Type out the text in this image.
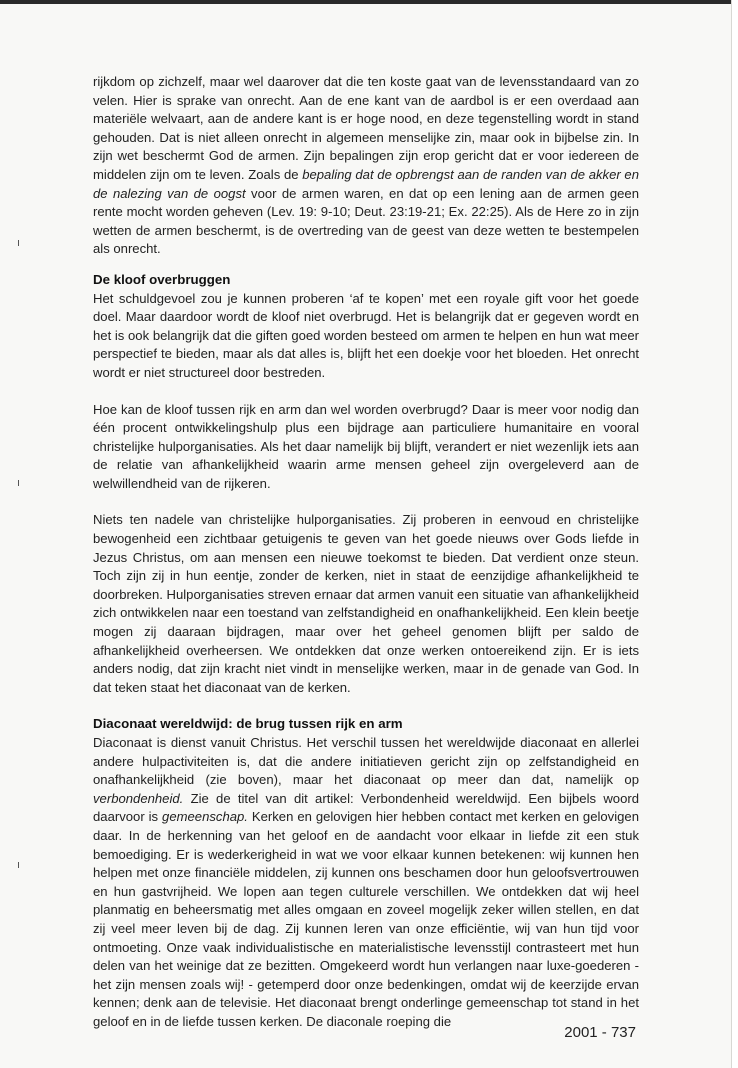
rijkdom op zichzelf, maar wel daarover dat die ten koste gaat van de levensstandaard van zo velen. Hier is sprake van onrecht. Aan de ene kant van de aardbol is er een overdaad aan materiële welvaart, aan de andere kant is er hoge nood, en deze tegenstelling wordt in stand gehouden. Dat is niet alleen onrecht in algemeen menselijke zin, maar ook in bijbelse zin. In zijn wet beschermt God de armen. Zijn bepalingen zijn erop gericht dat er voor iedereen de middelen zijn om te leven. Zoals de bepaling dat de opbrengst aan de randen van de akker en de nalezing van de oogst voor de armen waren, en dat op een lening aan de armen geen rente mocht worden geheven (Lev. 19: 9-10; Deut. 23:19-21; Ex. 22:25). Als de Here zo in zijn wetten de armen beschermt, is de overtreding van de geest van deze wetten te bestempelen als onrecht.

De kloof overbruggen

Het schuldgevoel zou je kunnen proberen ‘af te kopen’ met een royale gift voor het goede doel. Maar daardoor wordt de kloof niet overbrugd. Het is belangrijk dat er gegeven wordt en het is ook belangrijk dat die giften goed worden besteed om armen te helpen en hun wat meer perspectief te bieden, maar als dat alles is, blijft het een doekje voor het bloeden. Het onrecht wordt er niet structureel door bestreden.

Hoe kan de kloof tussen rijk en arm dan wel worden overbrugd? Daar is meer voor nodig dan één procent ontwikkelingshulp plus een bijdrage aan particuliere humanitaire en vooral christelijke hulporganisaties. Als het daar namelijk bij blijft, verandert er niet wezenlijk iets aan de relatie van afhankelijkheid waarin arme mensen geheel zijn overgeleverd aan de welwillendheid van de rijkeren.

Niets ten nadele van christelijke hulporganisaties. Zij proberen in eenvoud en christelijke bewogenheid een zichtbaar getuigenis te geven van het goede nieuws over Gods liefde in Jezus Christus, om aan mensen een nieuwe toekomst te bieden. Dat verdient onze steun. Toch zijn zij in hun eentje, zonder de kerken, niet in staat de eenzijdige afhankelijkheid te doorbreken. Hulporganisaties streven ernaar dat armen vanuit een situatie van afhankelijkheid zich ontwikkelen naar een toestand van zelfstandigheid en onafhankelijkheid. Een klein beetje mogen zij daaraan bijdragen, maar over het geheel genomen blijft per saldo de afhankelijkheid overheersen. We ontdekken dat onze werken ontoereikend zijn. Er is iets anders nodig, dat zijn kracht niet vindt in menselijke werken, maar in de genade van God. In dat teken staat het diaconaat van de kerken.

Diaconaat wereldwijd: de brug tussen rijk en arm

Diaconaat is dienst vanuit Christus. Het verschil tussen het wereldwijde diaconaat en allerlei andere hulpactiviteiten is, dat die andere initiatieven gericht zijn op zelfstandigheid en onafhankelijkheid (zie boven), maar het diaconaat op meer dan dat, namelijk op verbondenheid. Zie de titel van dit artikel: Verbondenheid wereldwijd. Een bijbels woord daarvoor is gemeenschap. Kerken en gelovigen hier hebben contact met kerken en gelovigen daar. In de herkenning van het geloof en de aandacht voor elkaar in liefde zit een stuk bemoediging. Er is wederkerigheid in wat we voor elkaar kunnen betekenen: wij kunnen hen helpen met onze financiële middelen, zij kunnen ons beschamen door hun geloofsvertrouwen en hun gastvrijheid. We lopen aan tegen culturele verschillen. We ontdekken dat wij heel planmatig en beheersmatig met alles omgaan en zoveel mogelijk zeker willen stellen, en dat zij veel meer leven bij de dag. Zij kunnen leren van onze efficiëntie, wij van hun tijd voor ontmoeting. Onze vaak individualistische en materialistische levensstijl contrasteert met hun delen van het weinige dat ze bezitten. Omgekeerd wordt hun verlangen naar luxe-goederen - het zijn mensen zoals wij! - getemperd door onze bedenkingen, omdat wij de keerzijde ervan kennen; denk aan de televisie. Het diaconaat brengt onderlinge gemeenschap tot stand in het geloof en in de liefde tussen kerken. De diaconale roeping die

2001 - 737
